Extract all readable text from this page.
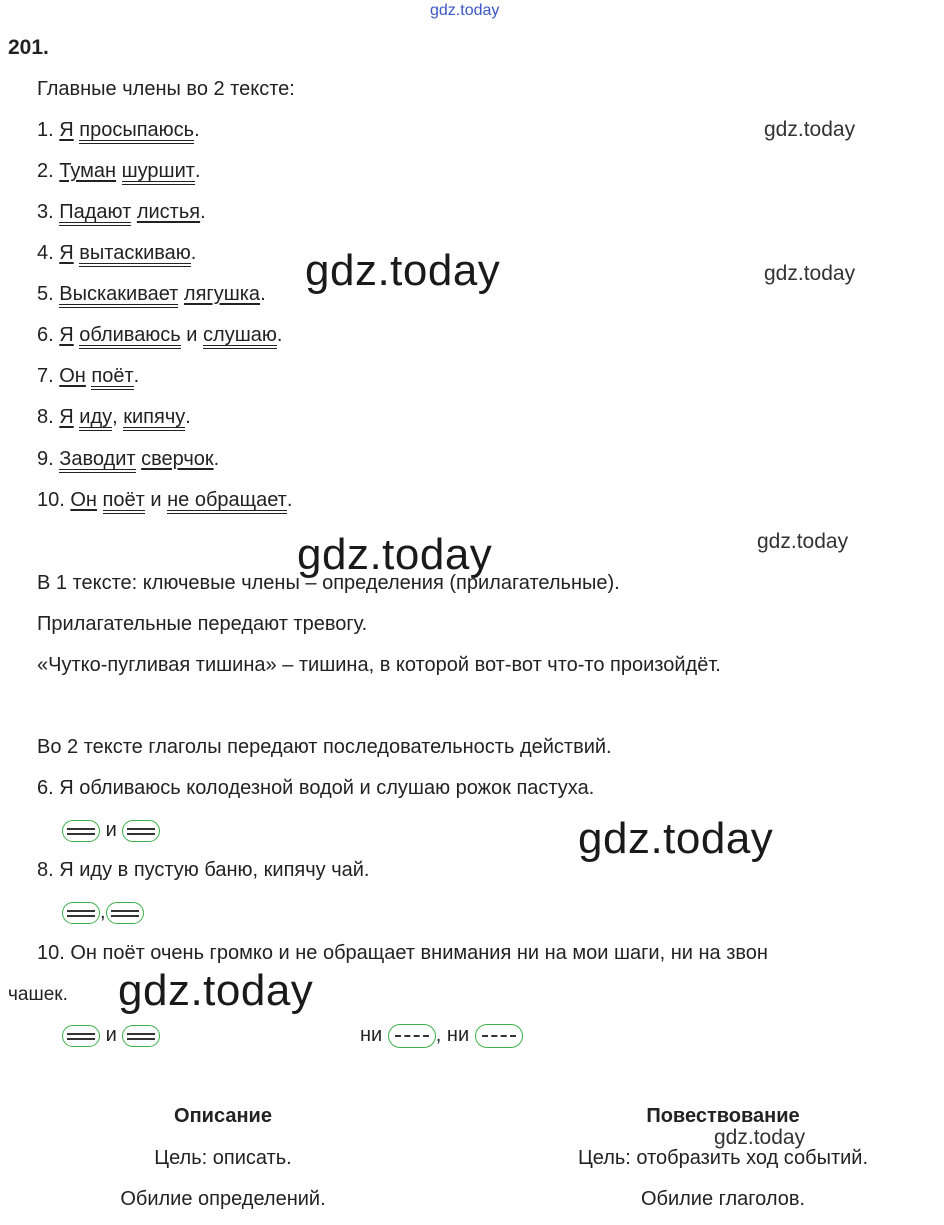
gdz.today
gdz.today
gdz.today
gdz.today
gdz.today
gdz.today
gdz.today
gdz.today
gdz.today
201.
Главные члены во 2 тексте:
1. Я просыпаюсь.
2. Туман шуршит.
3. Падают листья.
4. Я вытаскиваю.
5. Выскакивает лягушка.
6. Я обливаюсь и слушаю.
7. Он поёт.
8. Я иду, кипячу.
9. Заводит сверчок.
10. Он поёт и не обращает.
В 1 тексте: ключевые члены – определения (прилагательные).
Прилагательные передают тревогу.
«Чутко-пугливая тишина» – тишина, в которой вот-вот что-то произойдёт.
Во 2 тексте глаголы передают последовательность действий.
6. Я обливаюсь колодезной водой и слушаю рожок пастуха.
и
8. Я иду в пустую баню, кипячу чай.
,
10. Он поёт очень громко и не обращает внимания ни на мои шаги, ни на звон
чашек.
и	ни	, ни
Описание	Повествование
Цель: описать.	Цель: отобразить ход событий.
Обилие определений.	Обилие глаголов.
